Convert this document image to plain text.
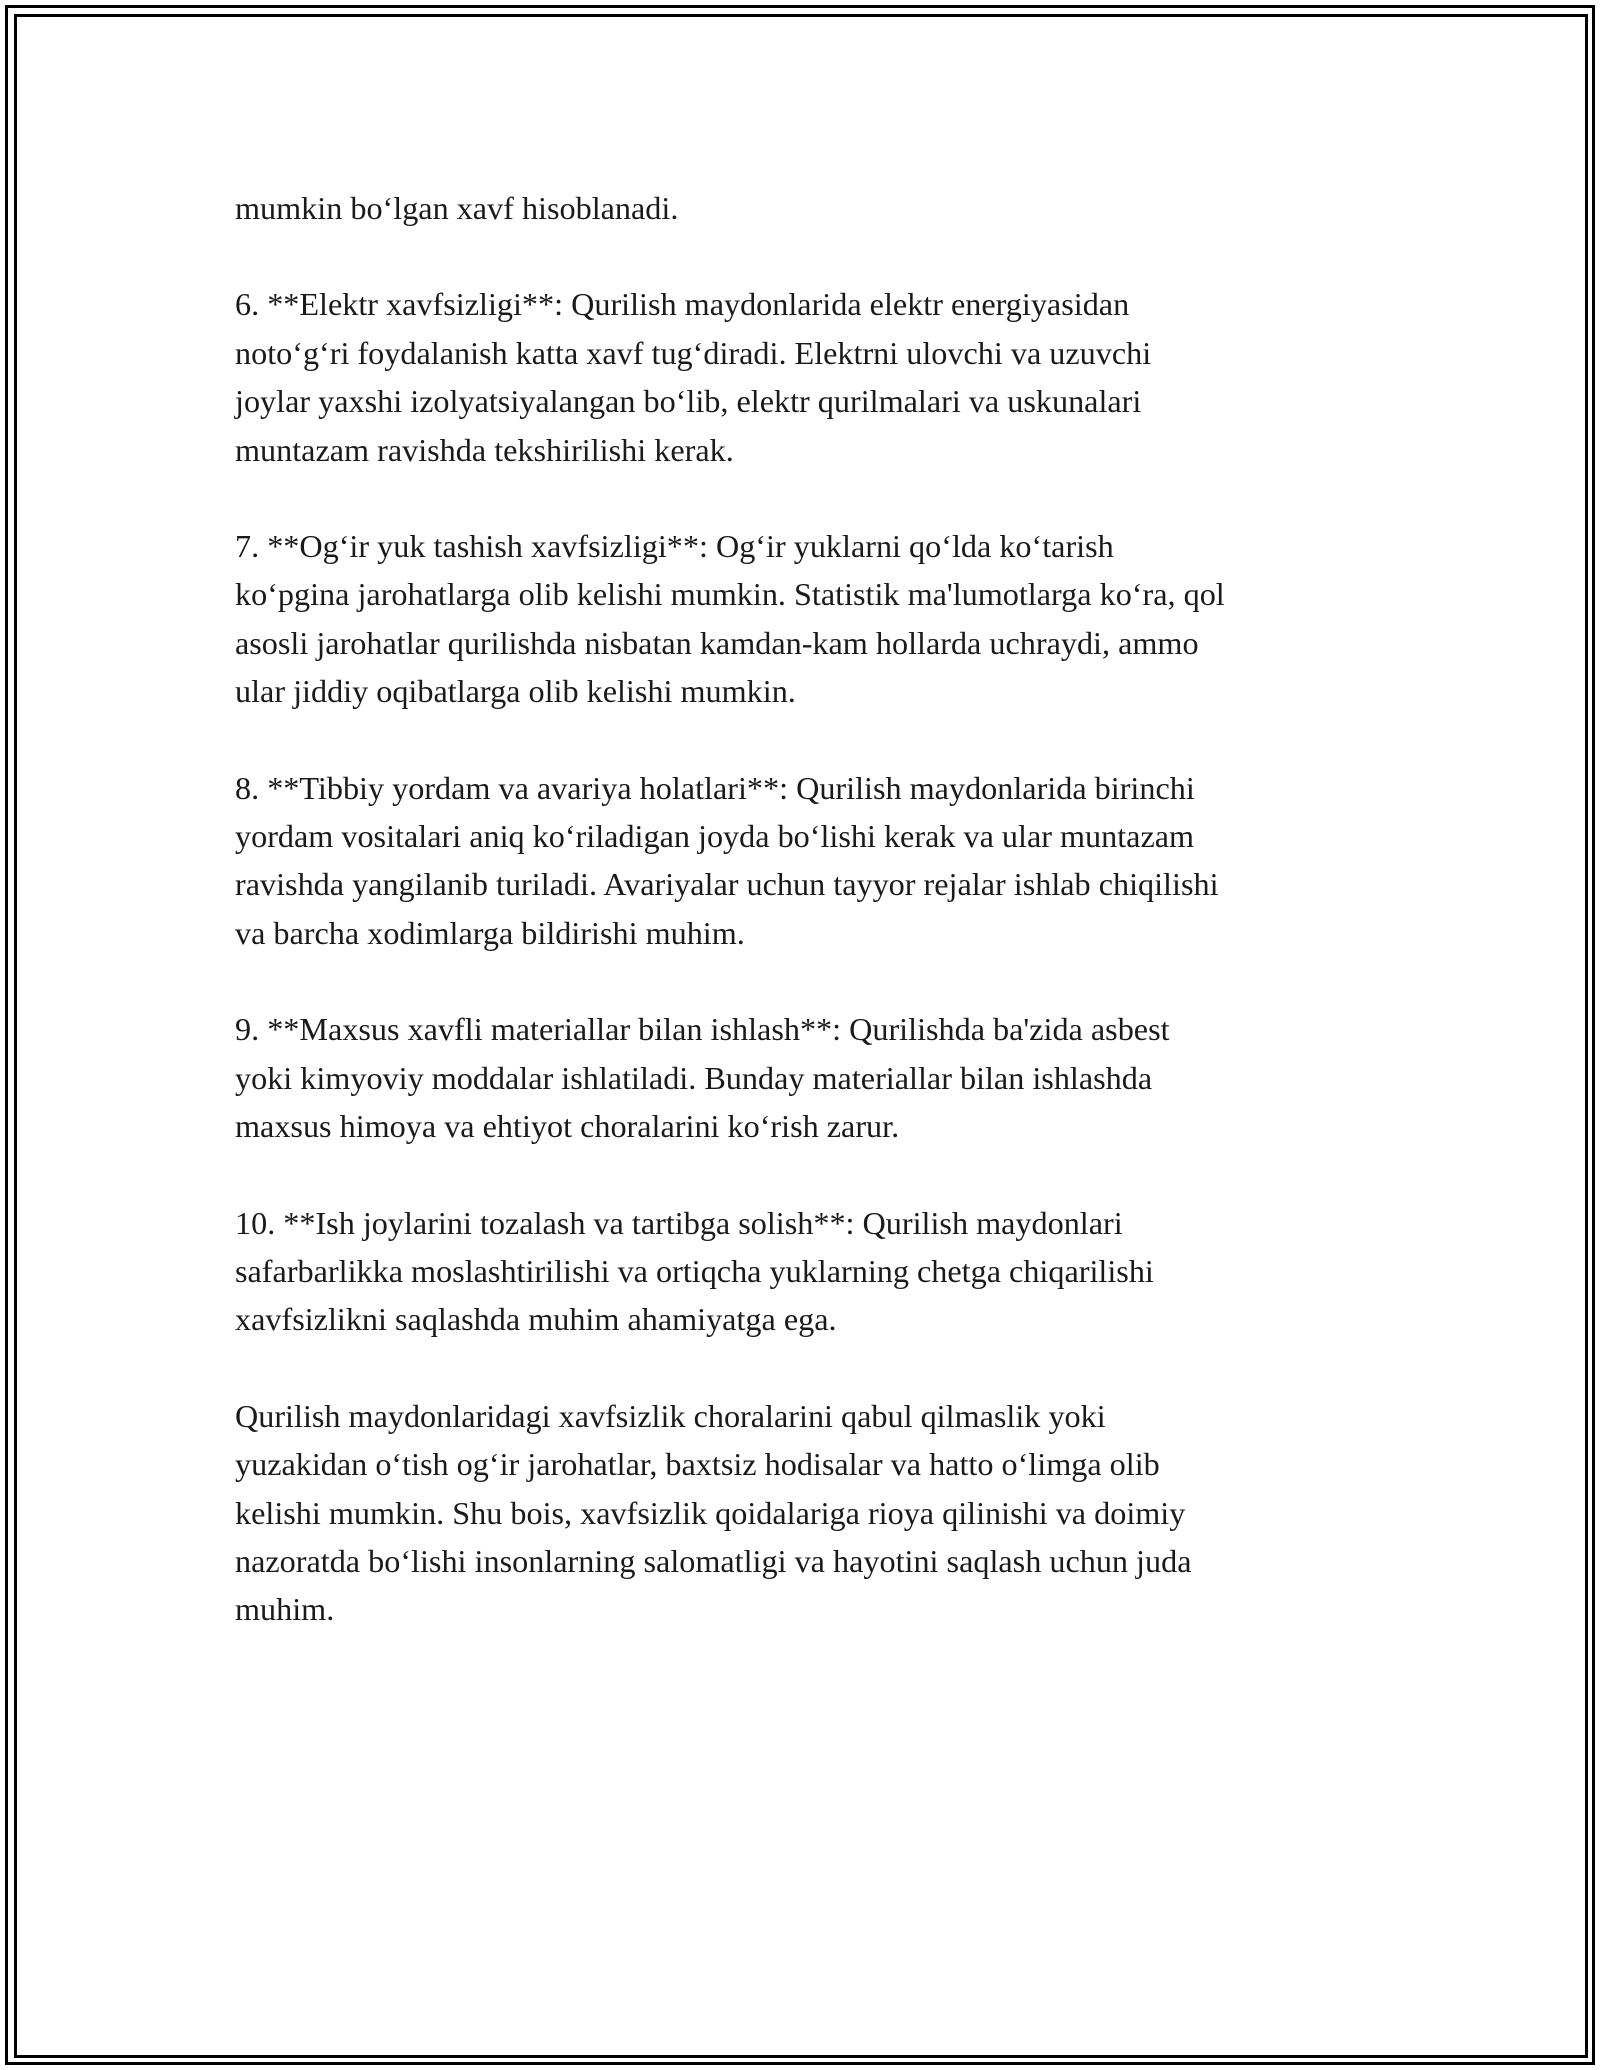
mumkin bo‘lgan xavf hisoblanadi.

6. **Elektr xavfsizligi**: Qurilish maydonlarida elektr energiyasidan
noto‘g‘ri foydalanish katta xavf tug‘diradi. Elektrni ulovchi va uzuvchi
joylar yaxshi izolyatsiyalangan bo‘lib, elektr qurilmalari va uskunalari
muntazam ravishda tekshirilishi kerak.

7. **Og‘ir yuk tashish xavfsizligi**: Og‘ir yuklarni qo‘lda ko‘tarish
ko‘pgina jarohatlarga olib kelishi mumkin. Statistik ma'lumotlarga ko‘ra, qol
asosli jarohatlar qurilishda nisbatan kamdan-kam hollarda uchraydi, ammo
ular jiddiy oqibatlarga olib kelishi mumkin.

8. **Tibbiy yordam va avariya holatlari**: Qurilish maydonlarida birinchi
yordam vositalari aniq ko‘riladigan joyda bo‘lishi kerak va ular muntazam
ravishda yangilanib turiladi. Avariyalar uchun tayyor rejalar ishlab chiqilishi
va barcha xodimlarga bildirishi muhim.

9. **Maxsus xavfli materiallar bilan ishlash**: Qurilishda ba'zida asbest
yoki kimyoviy moddalar ishlatiladi. Bunday materiallar bilan ishlashda
maxsus himoya va ehtiyot choralarini ko‘rish zarur.

10. **Ish joylarini tozalash va tartibga solish**: Qurilish maydonlari
safarbarlikka moslashtirilishi va ortiqcha yuklarning chetga chiqarilishi
xavfsizlikni saqlashda muhim ahamiyatga ega.

Qurilish maydonlaridagi xavfsizlik choralarini qabul qilmaslik yoki
yuzakidan o‘tish og‘ir jarohatlar, baxtsiz hodisalar va hatto o‘limga olib
kelishi mumkin. Shu bois, xavfsizlik qoidalariga rioya qilinishi va doimiy
nazoratda bo‘lishi insonlarning salomatligi va hayotini saqlash uchun juda
muhim.
